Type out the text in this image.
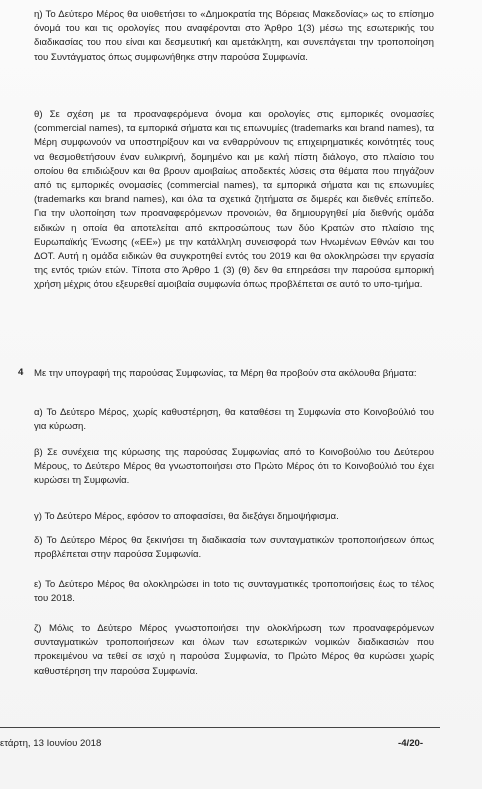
η) Το Δεύτερο Μέρος θα υιοθετήσει το «Δημοκρατία της Βόρειας Μακεδονίας» ως το επίσημο όνομά του και τις ορολογίες που αναφέρονται στο Άρθρο 1(3) μέσω της εσωτερικής του διαδικασίας του που είναι και δεσμευτική και αμετάκλητη, και συνεπάγεται την τροποποίηση του Συντάγματος όπως συμφωνήθηκε στην παρούσα Συμφωνία.
θ) Σε σχέση με τα προαναφερόμενα όνομα και ορολογίες στις εμπορικές ονομασίες (commercial names), τα εμπορικά σήματα και τις επωνυμίες (trademarks και brand names), τα Μέρη συμφωνούν να υποστηρίξουν και να ενθαρρύνουν τις επιχειρηματικές κοινότητές τους να θεσμοθετήσουν έναν ευλικρινή, δομημένο και με καλή πίστη διάλογο, στο πλαίσιο του οποίου θα επιδιώξουν και θα βρουν αμοιβαίως αποδεκτές λύσεις στα θέματα που πηγάζουν από τις εμπορικές ονομασίες (commercial names), τα εμπορικά σήματα και τις επωνυμίες (trademarks και brand names), και όλα τα σχετικά ζητήματα σε διμερές και διεθνές επίπεδο. Για την υλοποίηση των προαναφερόμενων προνοιών, θα δημιουργηθεί μία διεθνής ομάδα ειδικών η οποία θα αποτελείται από εκπροσώπους των δύο Κρατών στο πλαίσιο της Ευρωπαϊκής Ένωσης («ΕΕ») με την κατάλληλη συνεισφορά των Ηνωμένων Εθνών και του ΔΟΤ. Αυτή η ομάδα ειδικών θα συγκροτηθεί εντός του 2019 και θα ολοκληρώσει την εργασία της εντός τριών ετών. Τίποτα στο Άρθρο 1 (3) (θ) δεν θα επηρεάσει την παρούσα εμπορική χρήση μέχρις ότου εξευρεθεί αμοιβαία συμφωνία όπως προβλέπεται σε αυτό το υπο-τμήμα.
4 Με την υπογραφή της παρούσας Συμφωνίας, τα Μέρη θα προβούν στα ακόλουθα βήματα:
α) Το Δεύτερο Μέρος, χωρίς καθυστέρηση, θα καταθέσει τη Συμφωνία στο Κοινοβούλιό του για κύρωση.
β) Σε συνέχεια της κύρωσης της παρούσας Συμφωνίας από το Κοινοβούλιο του Δεύτερου Μέρους, το Δεύτερο Μέρος θα γνωστοποιήσει στο Πρώτο Μέρος ότι το Κοινοβούλιό του έχει κυρώσει τη Συμφωνία.
γ) Το Δεύτερο Μέρος, εφόσον το αποφασίσει, θα διεξάγει δημοψήφισμα.
δ) Το Δεύτερο Μέρος θα ξεκινήσει τη διαδικασία των συνταγματικών τροποποιήσεων όπως προβλέπεται στην παρούσα Συμφωνία.
ε) Το Δεύτερο Μέρος θα ολοκληρώσει in toto τις συνταγματικές τροποποιήσεις έως το τέλος του 2018.
ζ) Μόλις το Δεύτερο Μέρος γνωστοποιήσει την ολοκλήρωση των προαναφερόμενων συνταγματικών τροποποιήσεων και όλων των εσωτερικών νομικών διαδικασιών που προκειμένου να τεθεί σε ισχύ η παρούσα Συμφωνία, το Πρώτο Μέρος θα κυρώσει χωρίς καθυστέρηση την παρούσα Συμφωνία.
ετάρτη, 13 Ιουνίου 2018	-4/20-
